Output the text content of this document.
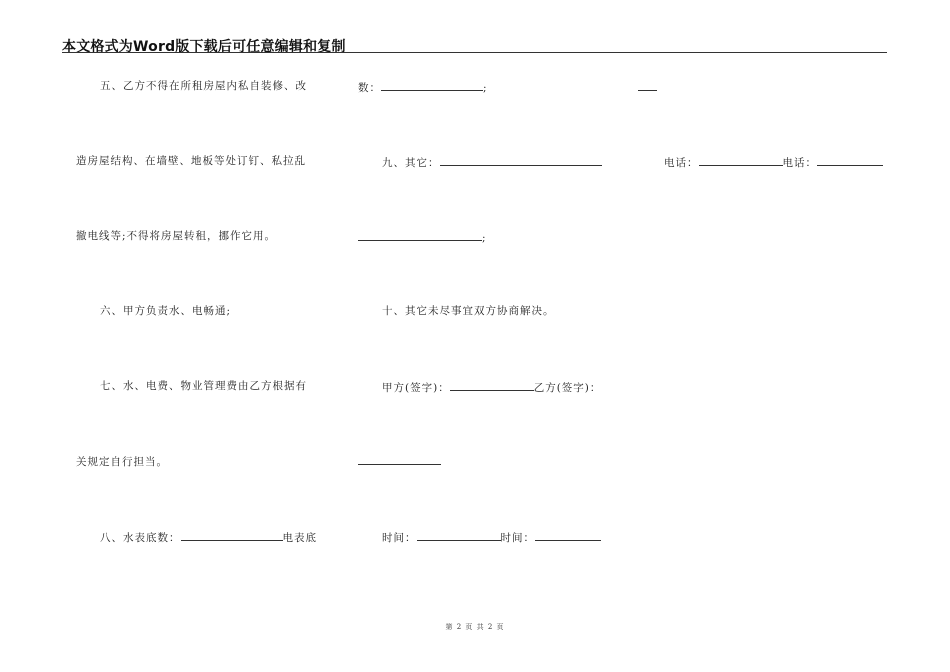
本文格式为Word版下载后可任意编辑和复制
五、乙方不得在所租房屋内私自装修、改
造房屋结构、在墙壁、地板等处订钉、私拉乱
撤电线等;不得将房屋转租，挪作它用。
六、甲方负责水、电畅通;
七、水、电费、物业管理费由乙方根据有
关规定自行担当。
八、水表底数：	电表底
数：	;
九、其它：	电话：	电话：
;
十、其它未尽事宜双方协商解决。
甲方(签字)：	乙方(签字)：
时间：	时间：
第 2 页 共 2 页
